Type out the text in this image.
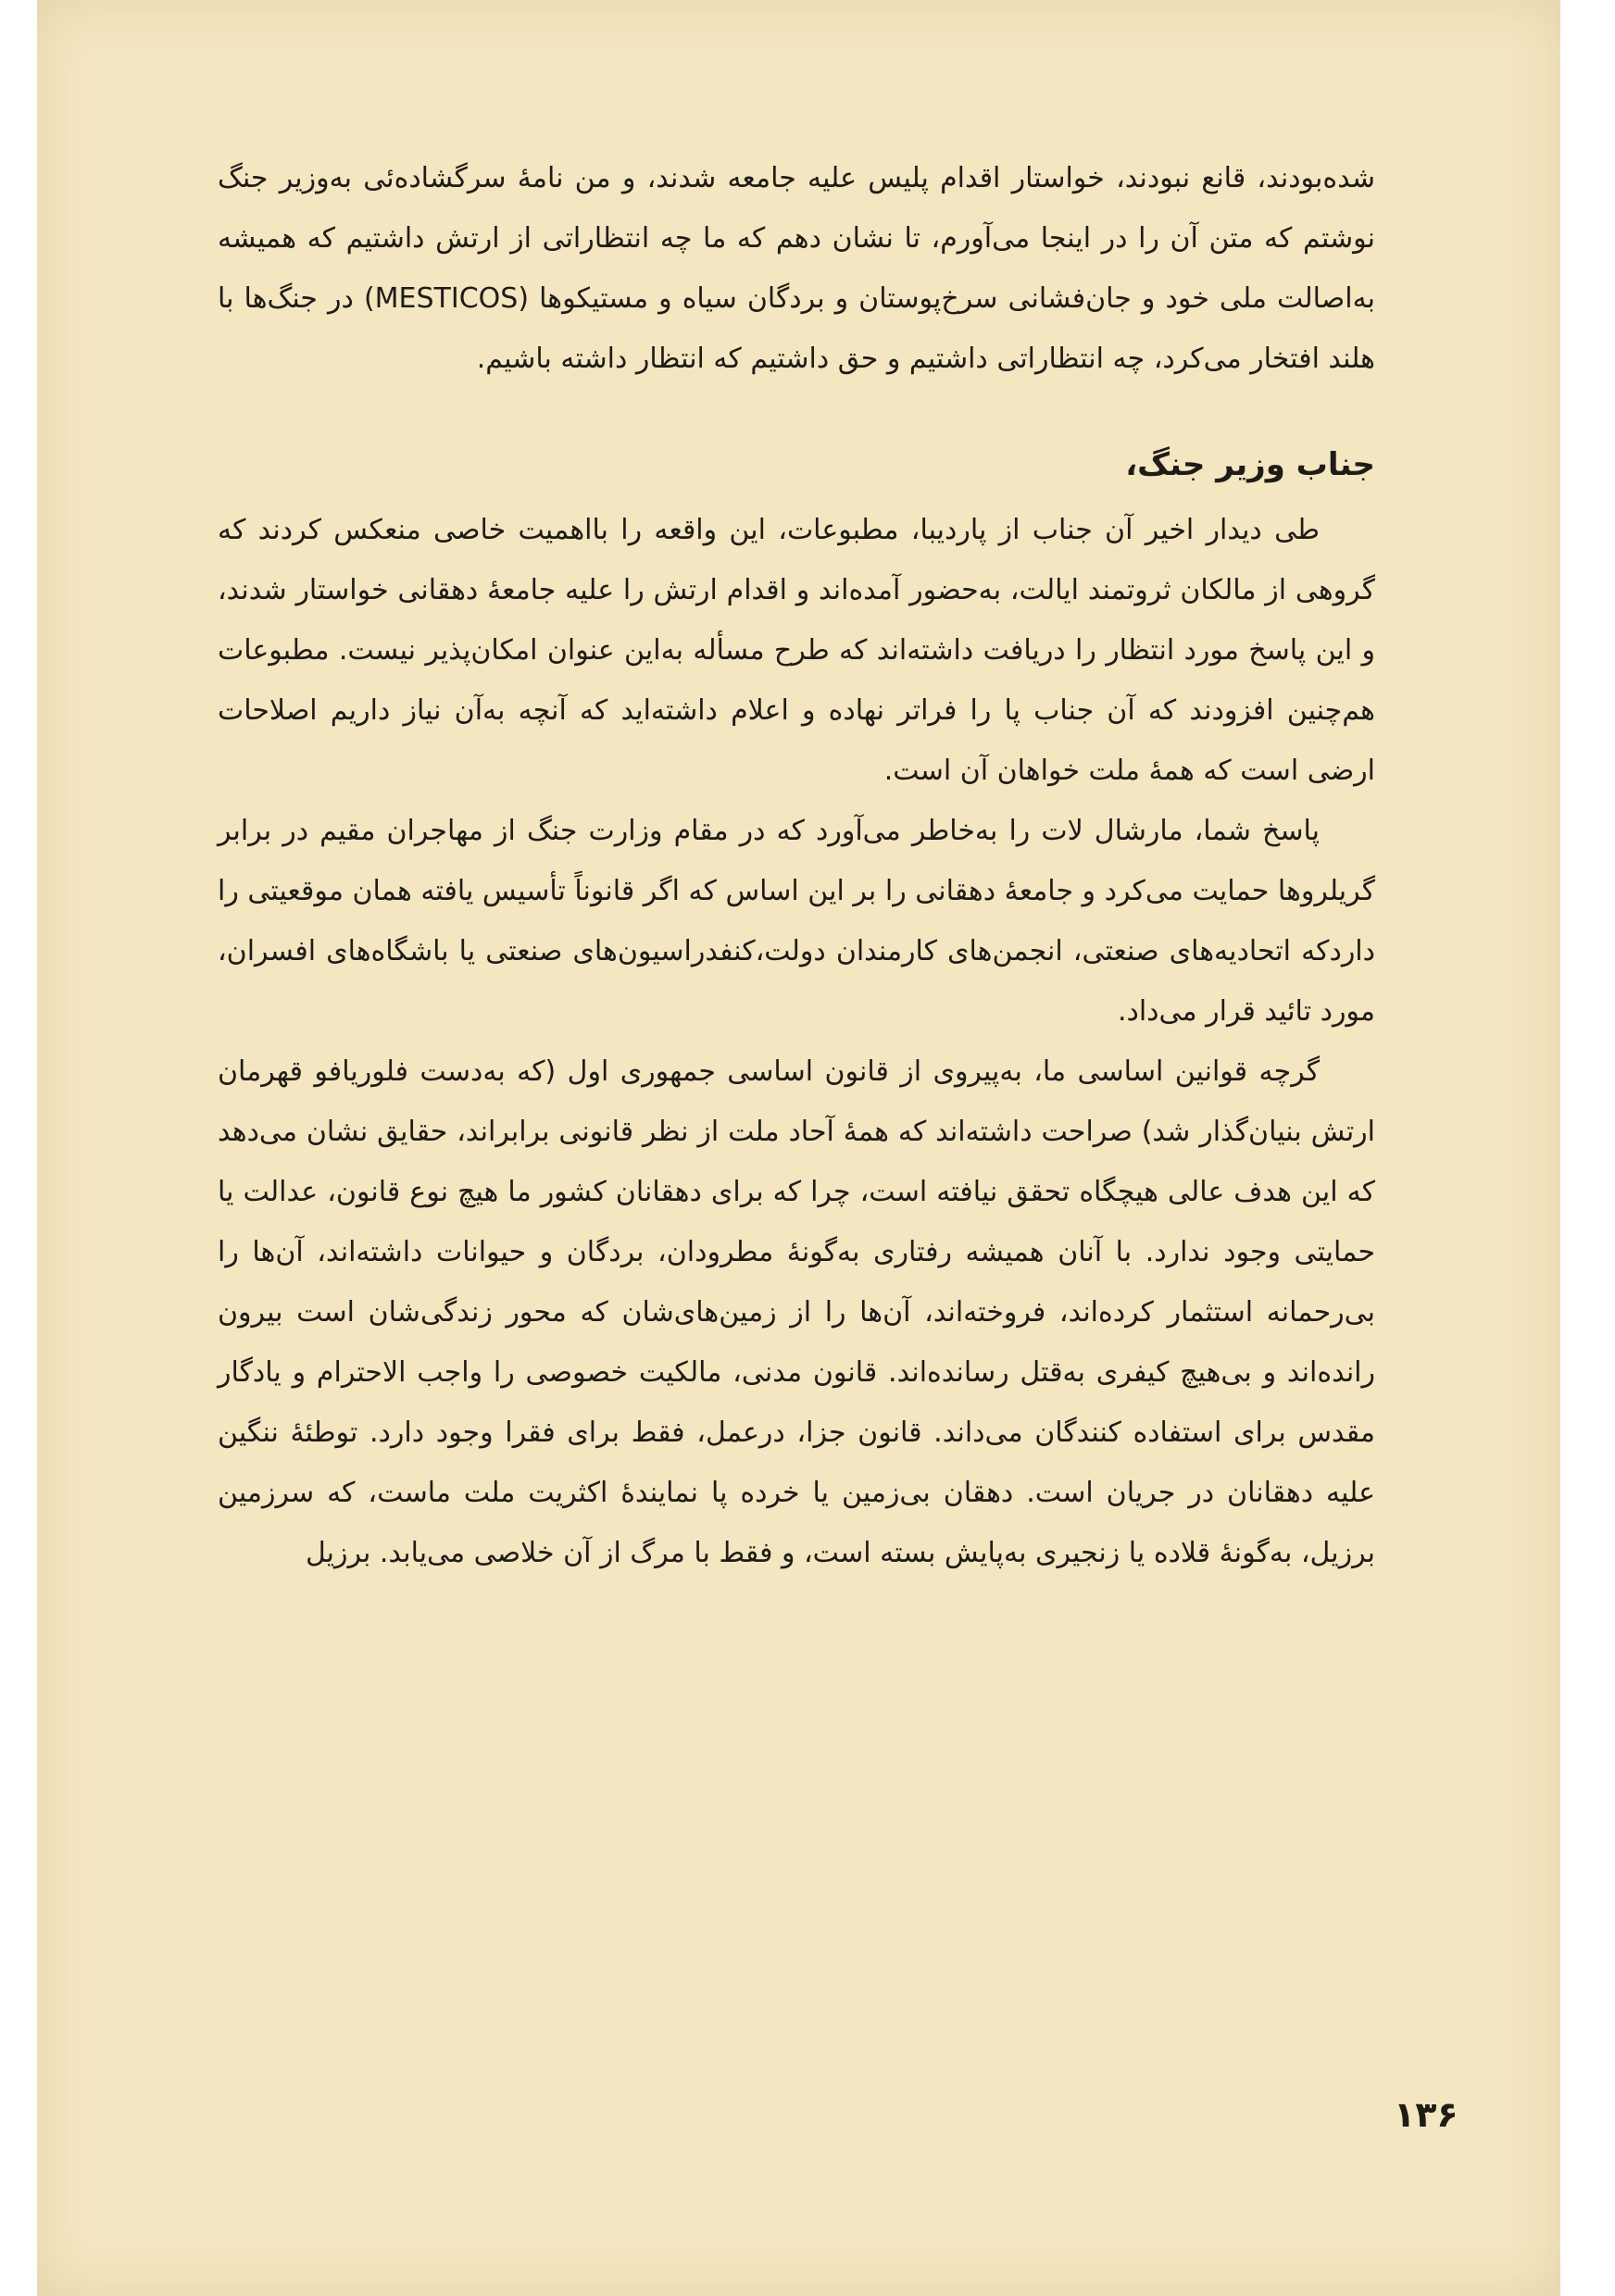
شده‌بودند، قانع نبودند، خواستار اقدام پلیس علیه جامعه شدند، و من نامهٔ سرگشاده‌ئی به‌وزیر جنگ نوشتم که متن آن را در اینجا می‌آورم، تا نشان دهم که ما چه انتظاراتی از ارتش داشتیم که همیشه به‌اصالت ملی خود و جان‌فشانی سرخ‌پوستان و بردگان سیاه و مستیکوها (MESTICOS) در جنگ‌ها با هلند افتخار می‌کرد، چه انتظاراتی داشتیم و حق داشتیم که انتظار داشته باشیم.

جناب وزیر جنگ،

طی دیدار اخیر آن جناب از پاردیبا، مطبوعات، این واقعه را بااهمیت خاصی منعکس کردند که گروهی از مالکان ثروتمند ایالت، به‌حضور آمده‌اند و اقدام ارتش را علیه جامعهٔ دهقانی خواستار شدند، و این پاسخ مورد انتظار را دریافت داشته‌اند که طرح مسأله به‌این عنوان امکان‌پذیر نیست. مطبوعات هم‌چنین افزودند که آن جناب پا را فراتر نهاده و اعلام داشته‌اید که آنچه به‌آن نیاز داریم اصلاحات ارضی است که همهٔ ملت خواهان آن است.

پاسخ شما، مارشال لات را به‌خاطر می‌آورد که در مقام وزارت جنگ از مهاجران مقیم در برابر گریلروها حمایت می‌کرد و جامعهٔ دهقانی را بر این اساس که اگر قانوناً تأسیس یافته همان موقعیتی را داردکه اتحادیه‌های صنعتی، انجمن‌های کارمندان دولت،کنفدراسیون‌های صنعتی یا باشگاه‌های افسران، مورد تائید قرار می‌داد.

گرچه قوانین اساسی ما، به‌پیروی از قانون اساسی جمهوری اول (که به‌دست فلوریافو قهرمان ارتش بنیان‌گذار شد) صراحت داشته‌اند که همهٔ آحاد ملت از نظر قانونی برابراند، حقایق نشان می‌دهد که این هدف عالی هیچگاه تحقق نیافته است، چرا که برای دهقانان کشور ما هیچ نوع قانون، عدالت یا حمایتی وجود ندارد. با آنان همیشه رفتاری به‌گونهٔ مطرودان، بردگان و حیوانات داشته‌اند، آن‌ها را بی‌رحمانه استثمار کرده‌اند، فروخته‌اند، آن‌ها را از زمین‌های‌شان که محور زندگی‌شان است بیرون رانده‌اند و بی‌هیچ کیفری به‌قتل رسانده‌اند. قانون مدنی، مالکیت خصوصی را واجب الاحترام و یادگار مقدس برای استفاده کنندگان می‌داند. قانون جزا، درعمل، فقط برای فقرا وجود دارد. توطئهٔ ننگین علیه دهقانان در جریان است. دهقان بی‌زمین یا خرده پا نمایندهٔ اکثریت ملت ماست، که سرزمین برزیل، به‌گونهٔ قلاده یا زنجیری به‌پایش بسته است، و فقط با مرگ از آن خلاصی می‌یابد. برزیل

۱۳۶
